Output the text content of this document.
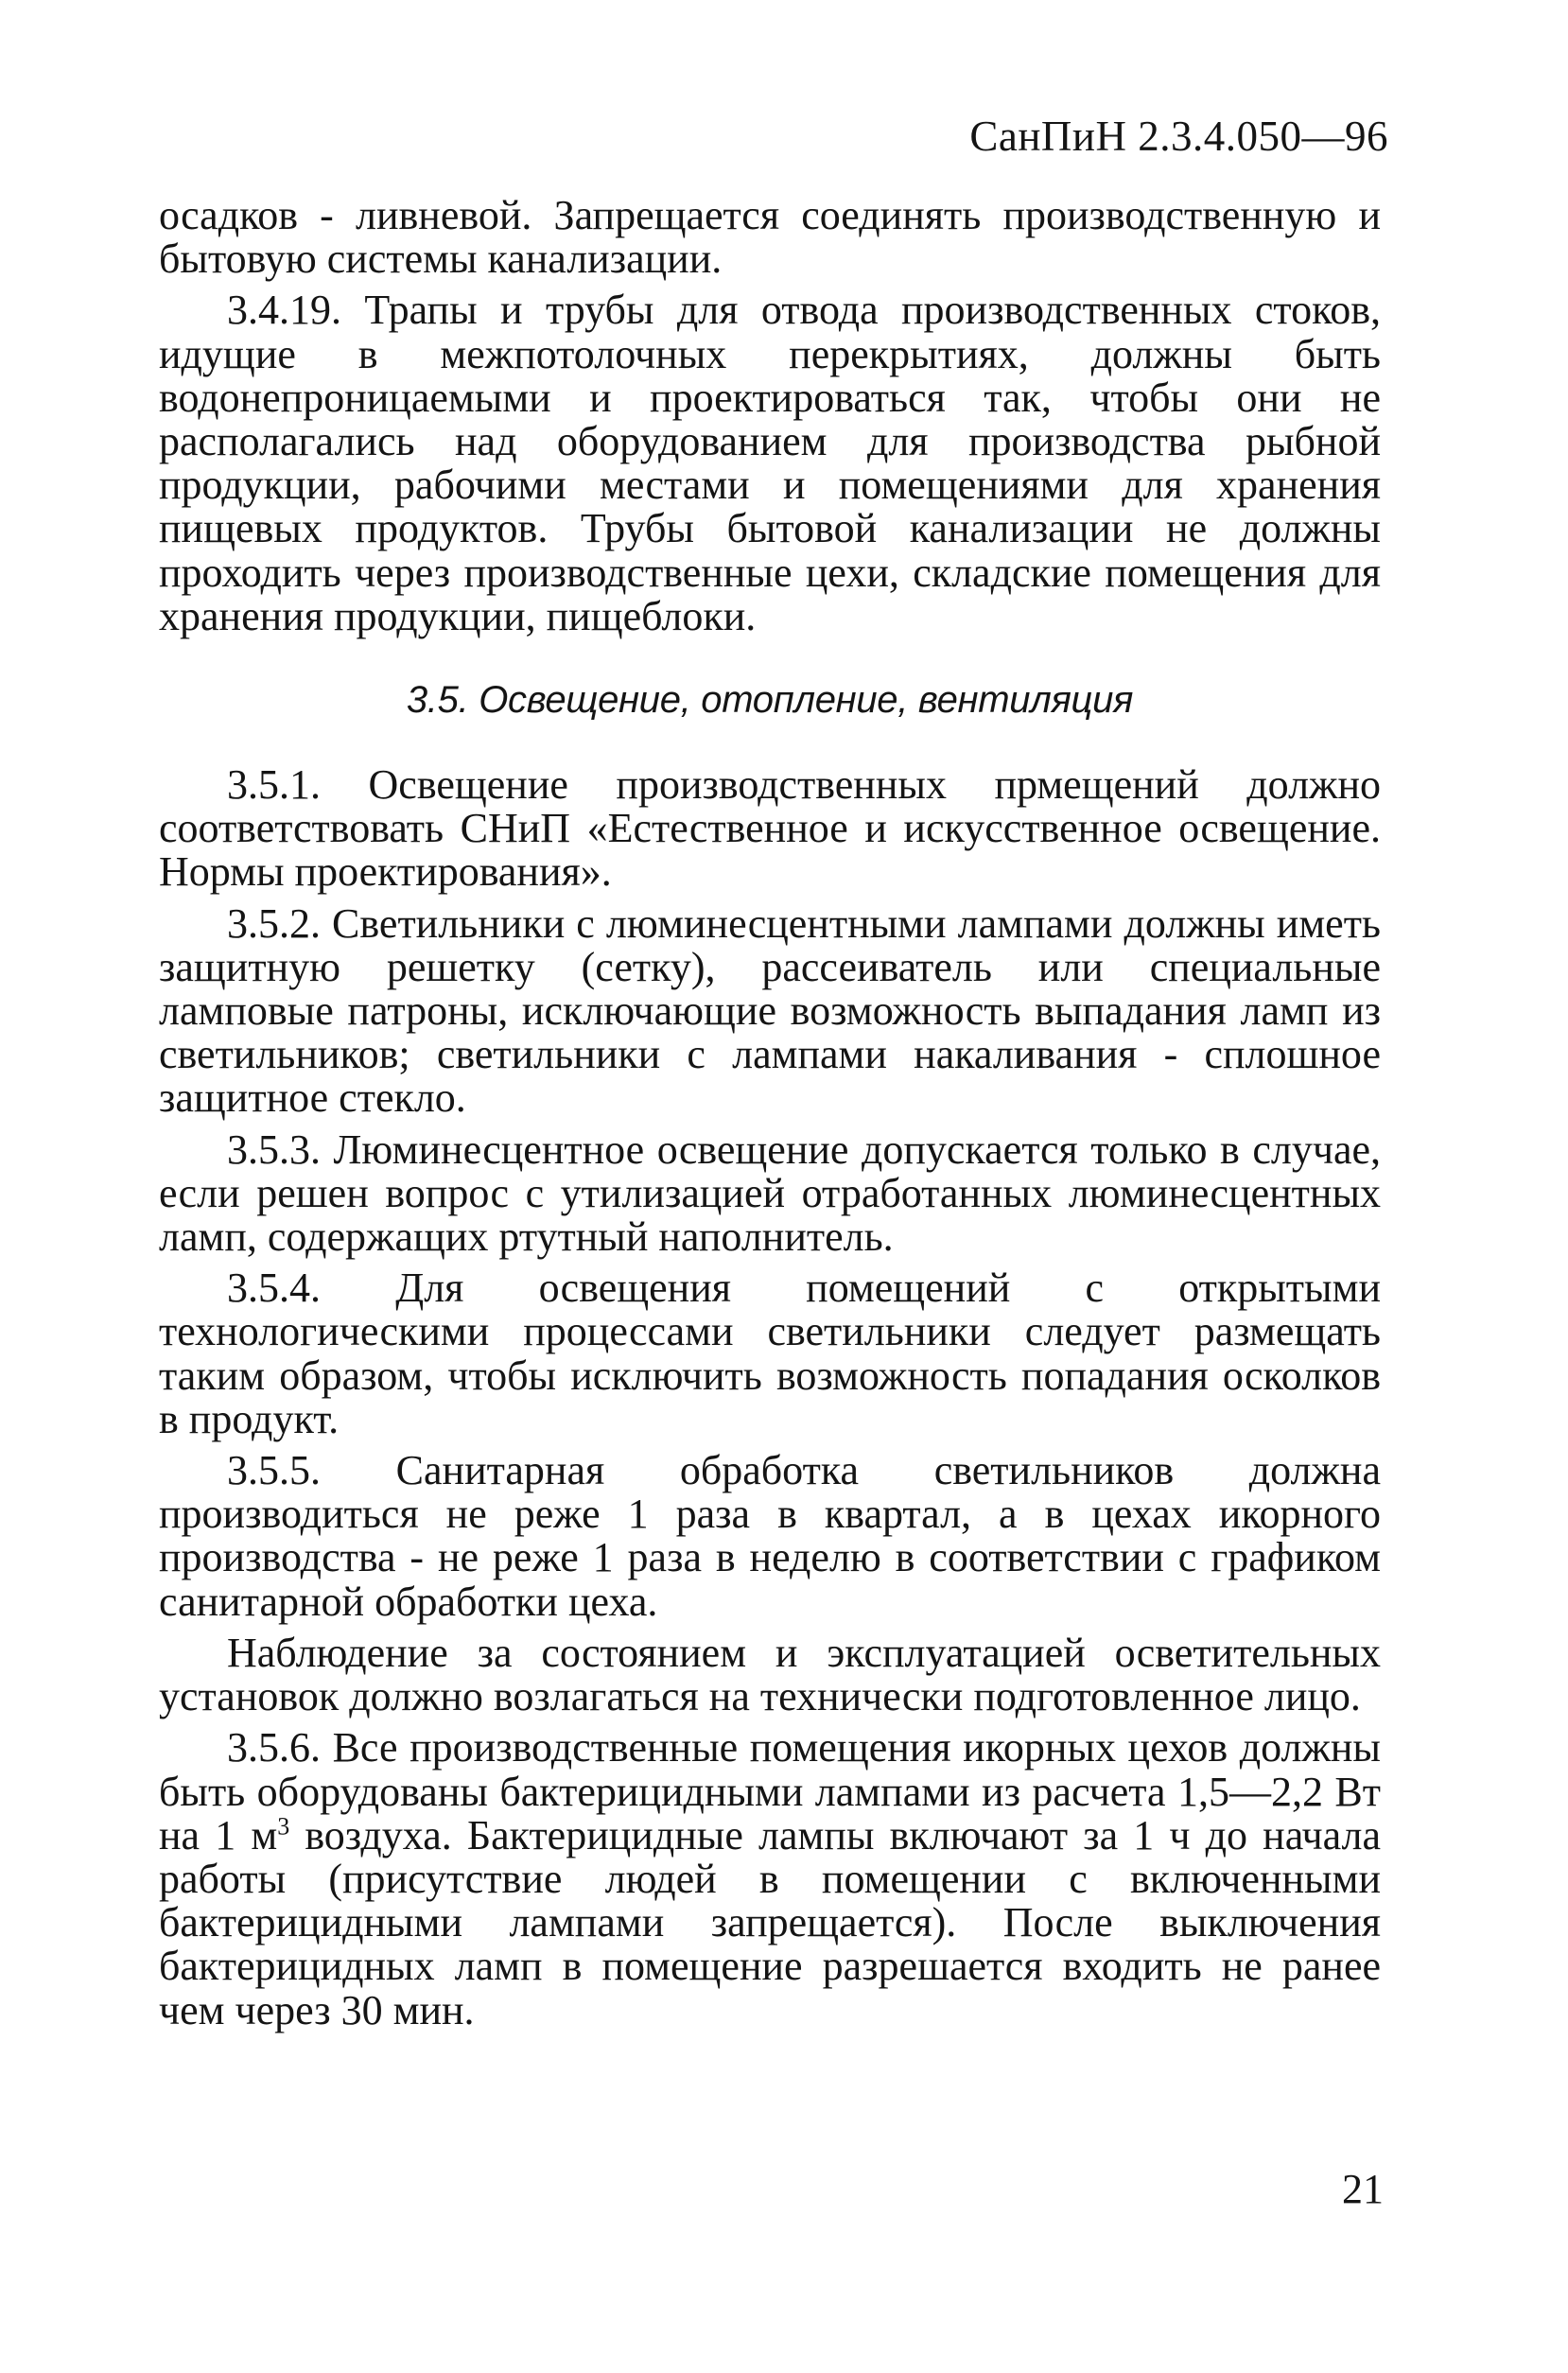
СанПиН 2.3.4.050—96

осадков - ливневой. Запрещается соединять производственную и бытовую системы канализации.

3.4.19. Трапы и трубы для отвода производственных стоков, идущие в межпотолочных перекрытиях, должны быть водонепроницаемыми и проектироваться так, чтобы они не располагались над оборудованием для производства рыбной продукции, рабочими местами и помещениями для хранения пищевых продуктов. Трубы бытовой канализации не должны проходить через производственные цехи, складские помещения для хранения продукции, пищеблоки.

3.5. Освещение, отопление, вентиляция

3.5.1. Освещение производственных прмещений должно соответствовать СНиП «Естественное и искусственное освещение. Нормы проектирования».

3.5.2. Светильники с люминесцентными лампами должны иметь защитную решетку (сетку), рассеиватель или специальные ламповые патроны, исключающие возможность выпадания ламп из светильников; светильники с лампами накаливания - сплошное защитное стекло.

3.5.3. Люминесцентное освещение допускается только в случае, если решен вопрос с утилизацией отработанных люминесцентных ламп, содержащих ртутный наполнитель.

3.5.4. Для освещения помещений с открытыми технологическими процессами светильники следует размещать таким образом, чтобы исключить возможность попадания осколков в продукт.

3.5.5. Санитарная обработка светильников должна производиться не реже 1 раза в квартал, а в цехах икорного производства - не реже 1 раза в неделю в соответствии с графиком санитарной обработки цеха.

Наблюдение за состоянием и эксплуатацией осветительных установок должно возлагаться на технически подготовленное лицо.

3.5.6. Все производственные помещения икорных цехов должны быть оборудованы бактерицидными лампами из расчета 1,5—2,2 Вт на 1 $м^3$ воздуха. Бактерицидные лампы включают за 1 ч до начала работы (присутствие людей в помещении с включенными бактерицидными лампами запрещается). После выключения бактерицидных ламп в помещение разрешается входить не ранее чем через 30 мин.

21
